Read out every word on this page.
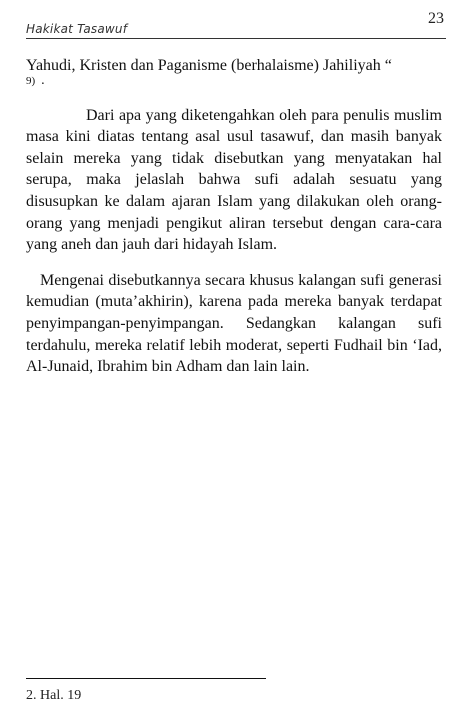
Hakikat Tasawuf
23

Yahudi, Kristen dan Paganisme (berhalaisme) Jahiliyah “

9) .

Dari apa yang diketengahkan oleh para penulis muslim masa kini diatas tentang asal usul tasawuf, dan masih banyak selain mereka yang tidak disebutkan yang menyatakan hal serupa, maka jelaslah bahwa sufi adalah sesuatu yang disusupkan ke dalam ajaran Islam yang dilakukan oleh orang-orang yang menjadi pengikut aliran tersebut dengan cara-cara yang aneh dan jauh dari hidayah Islam.

Mengenai disebutkannya secara khusus kalangan sufi generasi kemudian (muta’akhirin), karena pada mereka banyak terdapat penyimpangan-penyimpangan. Sedangkan kalangan sufi terdahulu, mereka relatif lebih moderat, seperti Fudhail bin ‘Iad, Al-Junaid, Ibrahim bin Adham dan lain lain.

2. Hal. 19
